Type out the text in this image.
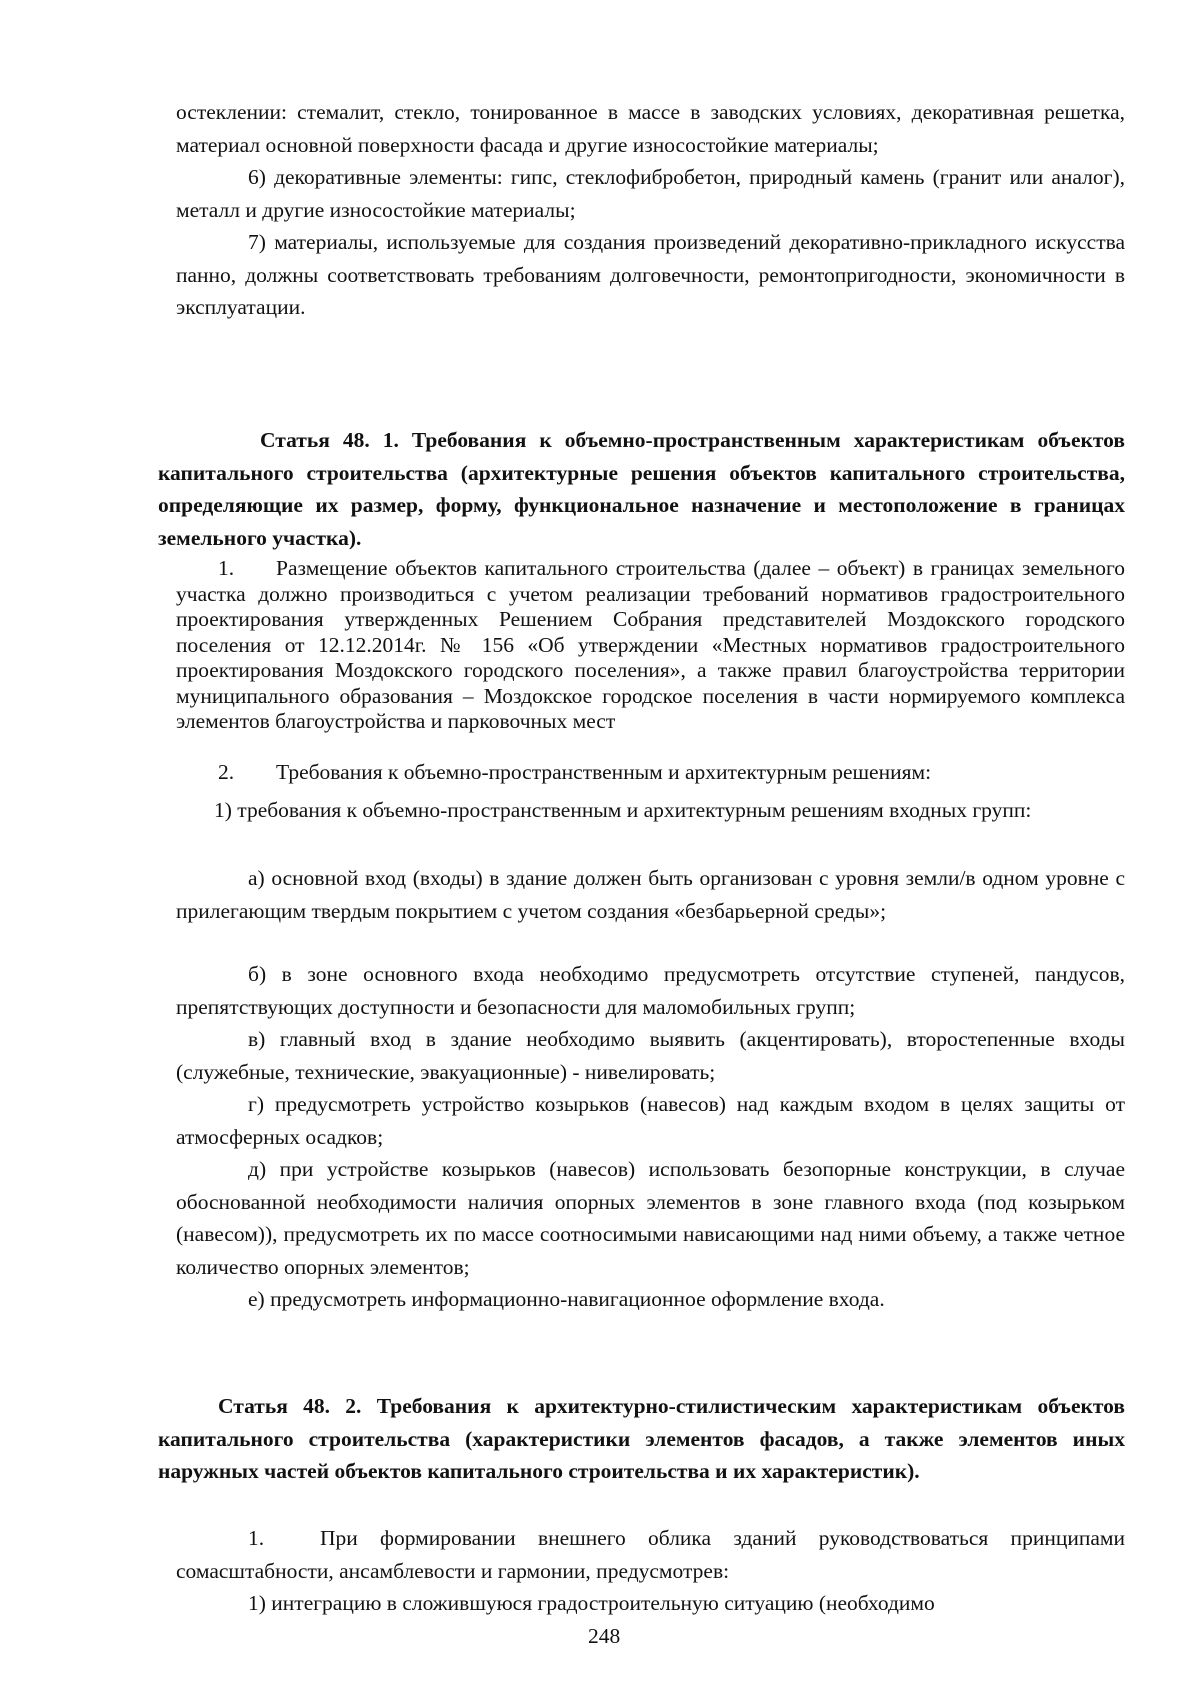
остеклении: стемалит, стекло, тонированное в массе в заводских условиях, декоративная решетка, материал основной поверхности фасада и другие износостойкие материалы;

6) декоративные элементы: гипс, стеклофибробетон, природный камень (гранит или аналог), металл и другие износостойкие материалы;

7) материалы, используемые для создания произведений декоративно-прикладного искусства панно, должны соответствовать требованиям долговечности, ремонтопригодности, экономичности в эксплуатации.

Статья 48. 1. Требования к объемно-пространственным характеристикам объектов капитального строительства (архитектурные решения объектов капитального строительства, определяющие их размер, форму, функциональное назначение и местоположение в границах земельного участка).

1. Размещение объектов капитального строительства (далее – объект) в границах земельного участка должно производиться с учетом реализации требований нормативов градостроительного проектирования утвержденных Решением Собрания представителей Моздокского городского поселения от 12.12.2014г. № 156 «Об утверждении «Местных нормативов градостроительного проектирования Моздокского городского поселения», а также правил благоустройства территории муниципального образования – Моздокское городское поселения в части нормируемого комплекса элементов благоустройства и парковочных мест

2. Требования к объемно-пространственным и архитектурным решениям:

1) требования к объемно-пространственным и архитектурным решениям входных групп:

а) основной вход (входы) в здание должен быть организован с уровня земли/в одном уровне с прилегающим твердым покрытием с учетом создания «безбарьерной среды»;

б) в зоне основного входа необходимо предусмотреть отсутствие ступеней, пандусов, препятствующих доступности и безопасности для маломобильных групп;

в) главный вход в здание необходимо выявить (акцентировать), второстепенные входы (служебные, технические, эвакуационные) - нивелировать;

г) предусмотреть устройство козырьков (навесов) над каждым входом в целях защиты от атмосферных осадков;

д) при устройстве козырьков (навесов) использовать безопорные конструкции, в случае обоснованной необходимости наличия опорных элементов в зоне главного входа (под козырьком (навесом)), предусмотреть их по массе соотносимыми нависающими над ними объему, а также четное количество опорных элементов;

е) предусмотреть информационно-навигационное оформление входа.

Статья 48. 2. Требования к архитектурно-стилистическим характеристикам объектов капитального строительства (характеристики элементов фасадов, а также элементов иных наружных частей объектов капитального строительства и их характеристик).

1.	При формировании внешнего облика зданий руководствоваться принципами сомасштабности, ансамблевости и гармонии, предусмотрев:

1) интеграцию в сложившуюся градостроительную ситуацию (необходимо

248
